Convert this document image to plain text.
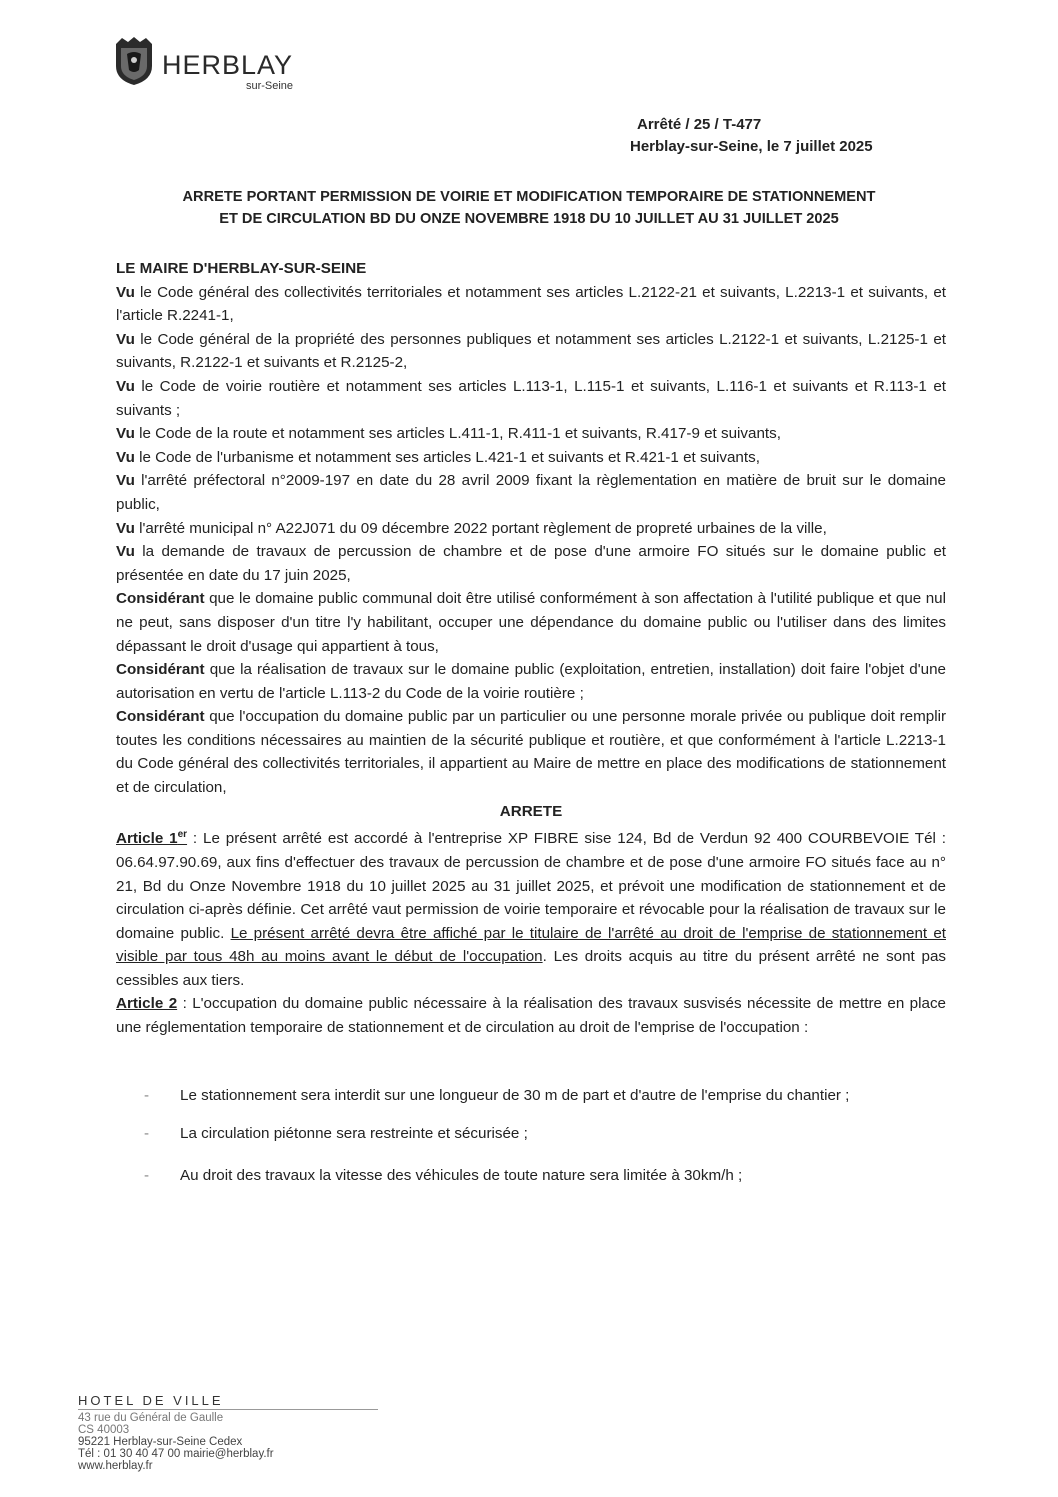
HERBLAY
sur-Seine
Arrêté / 25 / T-477
Herblay-sur-Seine, le 7 juillet 2025
ARRETE PORTANT PERMISSION DE VOIRIE ET MODIFICATION TEMPORAIRE DE STATIONNEMENT
ET DE CIRCULATION BD DU ONZE NOVEMBRE 1918 DU 10 JUILLET AU 31 JUILLET 2025

LE MAIRE D'HERBLAY-SUR-SEINE

Vu le Code général des collectivités territoriales et notamment ses articles L.2122-21 et suivants, L.2213-1 et suivants, et l'article R.2241-1,

Vu le Code général de la propriété des personnes publiques et notamment ses articles L.2122-1 et suivants, L.2125-1 et suivants, R.2122-1 et suivants et R.2125-2,

Vu le Code de voirie routière et notamment ses articles L.113-1, L.115-1 et suivants, L.116-1 et suivants et R.113-1 et suivants ;

Vu le Code de la route et notamment ses articles L.411-1, R.411-1 et suivants, R.417-9 et suivants,

Vu le Code de l'urbanisme et notamment ses articles L.421-1 et suivants et R.421-1 et suivants,

Vu l'arrêté préfectoral n°2009-197 en date du 28 avril 2009 fixant la règlementation en matière de bruit sur le domaine public,

Vu l'arrêté municipal n° A22J071 du 09 décembre 2022 portant règlement de propreté urbaines de la ville,

Vu la demande de travaux de percussion de chambre et de pose d'une armoire FO situés sur le domaine public et présentée en date du 17 juin 2025,

Considérant que le domaine public communal doit être utilisé conformément à son affectation à l'utilité publique et que nul ne peut, sans disposer d'un titre l'y habilitant, occuper une dépendance du domaine public ou l'utiliser dans des limites dépassant le droit d'usage qui appartient à tous,

Considérant que la réalisation de travaux sur le domaine public (exploitation, entretien, installation) doit faire l'objet d'une autorisation en vertu de l'article L.113-2 du Code de la voirie routière ;

Considérant que l'occupation du domaine public par un particulier ou une personne morale privée ou publique doit remplir toutes les conditions nécessaires au maintien de la sécurité publique et routière, et que conformément à l'article L.2213-1 du Code général des collectivités territoriales, il appartient au Maire de mettre en place des modifications de stationnement et de circulation,

ARRETE

Article 1er : Le présent arrêté est accordé à l'entreprise XP FIBRE sise 124, Bd de Verdun 92 400 COURBEVOIE Tél : 06.64.97.90.69, aux fins d'effectuer des travaux de percussion de chambre et de pose d'une armoire FO situés face au n° 21, Bd du Onze Novembre 1918 du 10 juillet 2025 au 31 juillet 2025, et prévoit une modification de stationnement et de circulation ci-après définie. Cet arrêté vaut permission de voirie temporaire et révocable pour la réalisation de travaux sur le domaine public. Le présent arrêté devra être affiché par le titulaire de l'arrêté au droit de l'emprise de stationnement et visible par tous 48h au moins avant le début de l'occupation. Les droits acquis au titre du présent arrêté ne sont pas cessibles aux tiers.

Article 2 : L'occupation du domaine public nécessaire à la réalisation des travaux susvisés nécessite de mettre en place une réglementation temporaire de stationnement et de circulation au droit de l'emprise de l'occupation :

- Le stationnement sera interdit sur une longueur de 30 m de part et d'autre de l'emprise du chantier ;
- La circulation piétonne sera restreinte et sécurisée ;
- Au droit des travaux la vitesse des véhicules de toute nature sera limitée à 30km/h ;
HOTEL DE VILLE
43 rue du Général de Gaulle
CS 40003
95221 Herblay-sur-Seine Cedex
Tél : 01 30 40 47 00 mairie@herblay.fr
www.herblay.fr
